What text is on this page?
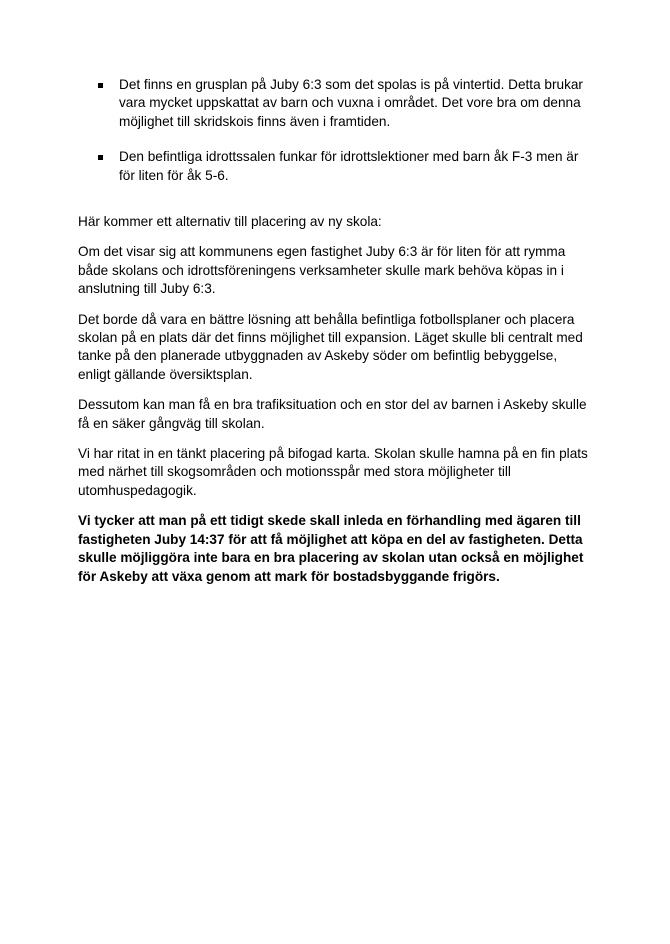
Det finns en grusplan på Juby 6:3 som det spolas is på vintertid. Detta brukar
vara mycket uppskattat av barn och vuxna i området. Det vore bra om denna
möjlighet till skridskois finns även i framtiden.
Den befintliga idrottssalen funkar för idrottslektioner med barn åk F-3 men är
för liten för åk 5-6.
Här kommer ett alternativ till placering av ny skola:
Om det visar sig att kommunens egen fastighet Juby 6:3 är för liten för att rymma
både skolans och idrottsföreningens verksamheter skulle mark behöva köpas in i
anslutning till Juby 6:3.
Det borde då vara en bättre lösning att behålla befintliga fotbollsplaner och placera
skolan på en plats där det finns möjlighet till expansion. Läget skulle bli centralt med
tanke på den planerade utbyggnaden av Askeby söder om befintlig bebyggelse,
enligt gällande översiktsplan.
Dessutom kan man få en bra trafiksituation och en stor del av barnen i Askeby skulle
få en säker gångväg till skolan.
Vi har ritat in en tänkt placering på bifogad karta. Skolan skulle hamna på en fin plats
med närhet till skogsområden och motionsspår med stora möjligheter till
utomhuspedagogik.
Vi tycker att man på ett tidigt skede skall inleda en förhandling med ägaren till
fastigheten Juby 14:37 för att få möjlighet att köpa en del av fastigheten. Detta
skulle möjliggöra inte bara en bra placering av skolan utan också en möjlighet
för Askeby att växa genom att mark för bostadsbyggande frigörs.
